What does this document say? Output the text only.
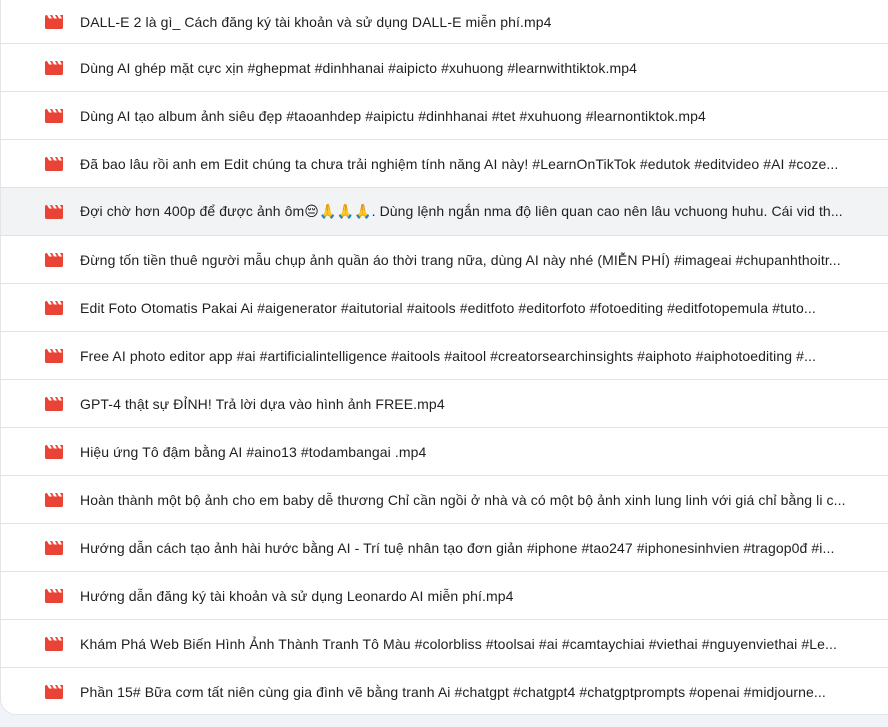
DALL-E 2 là gì_ Cách đăng ký tài khoản và sử dụng DALL-E miễn phí.mp4
Dùng AI ghép mặt cực xịn #ghepmat #dinhhanai #aipicto #xuhuong #learnwithtiktok.mp4
Dùng AI tạo album ảnh siêu đẹp #taoanhdep #aipictu #dinhhanai #tet #xuhuong #learnontiktok.mp4
Đã bao lâu rồi anh em Edit chúng ta chưa trải nghiệm tính năng AI này! #LearnOnTikTok #edutok #editvideo #AI #coze...
Đợi chờ hơn 400p để được ảnh ôm😔🙏🙏🙏. Dùng lệnh ngắn nma độ liên quan cao nên lâu vchuong huhu. Cái vid th...
Đừng tốn tiền thuê người mẫu chụp ảnh quần áo thời trang nữa, dùng AI này nhé (MIỄN PHÍ) #imageai #chupanhthoitr...
Edit Foto Otomatis Pakai Ai #aigenerator #aitutorial #aitools #editfoto #editorfoto #fotoediting #editfotopemula #tuto...
Free AI photo editor app #ai #artificialintelligence #aitools #aitool #creatorsearchinsights #aiphoto #aiphotoediting #...
GPT-4 thật sự ĐỈNH! Trả lời dựa vào hình ảnh FREE.mp4
Hiệu ứng Tô đậm bằng AI #aino13 #todambangai .mp4
Hoàn thành một bộ ảnh cho em baby dễ thương Chỉ cần ngồi ở nhà và có một bộ ảnh xinh lung linh với giá chỉ bằng li c...
Hướng dẫn cách tạo ảnh hài hước bằng AI - Trí tuệ nhân tạo đơn giản #iphone #tao247 #iphonesinhvien #tragop0đ #i...
Hướng dẫn đăng ký tài khoản và sử dụng Leonardo AI miễn phí.mp4
Khám Phá Web Biến Hình Ảnh Thành Tranh Tô Màu #colorbliss #toolsai #ai #camtaychiai #viethai #nguyenviethai #Le...
Phần 15# Bữa cơm tất niên cùng gia đình vẽ bằng tranh Ai #chatgpt #chatgpt4 #chatgptprompts #openai #midjourne...
